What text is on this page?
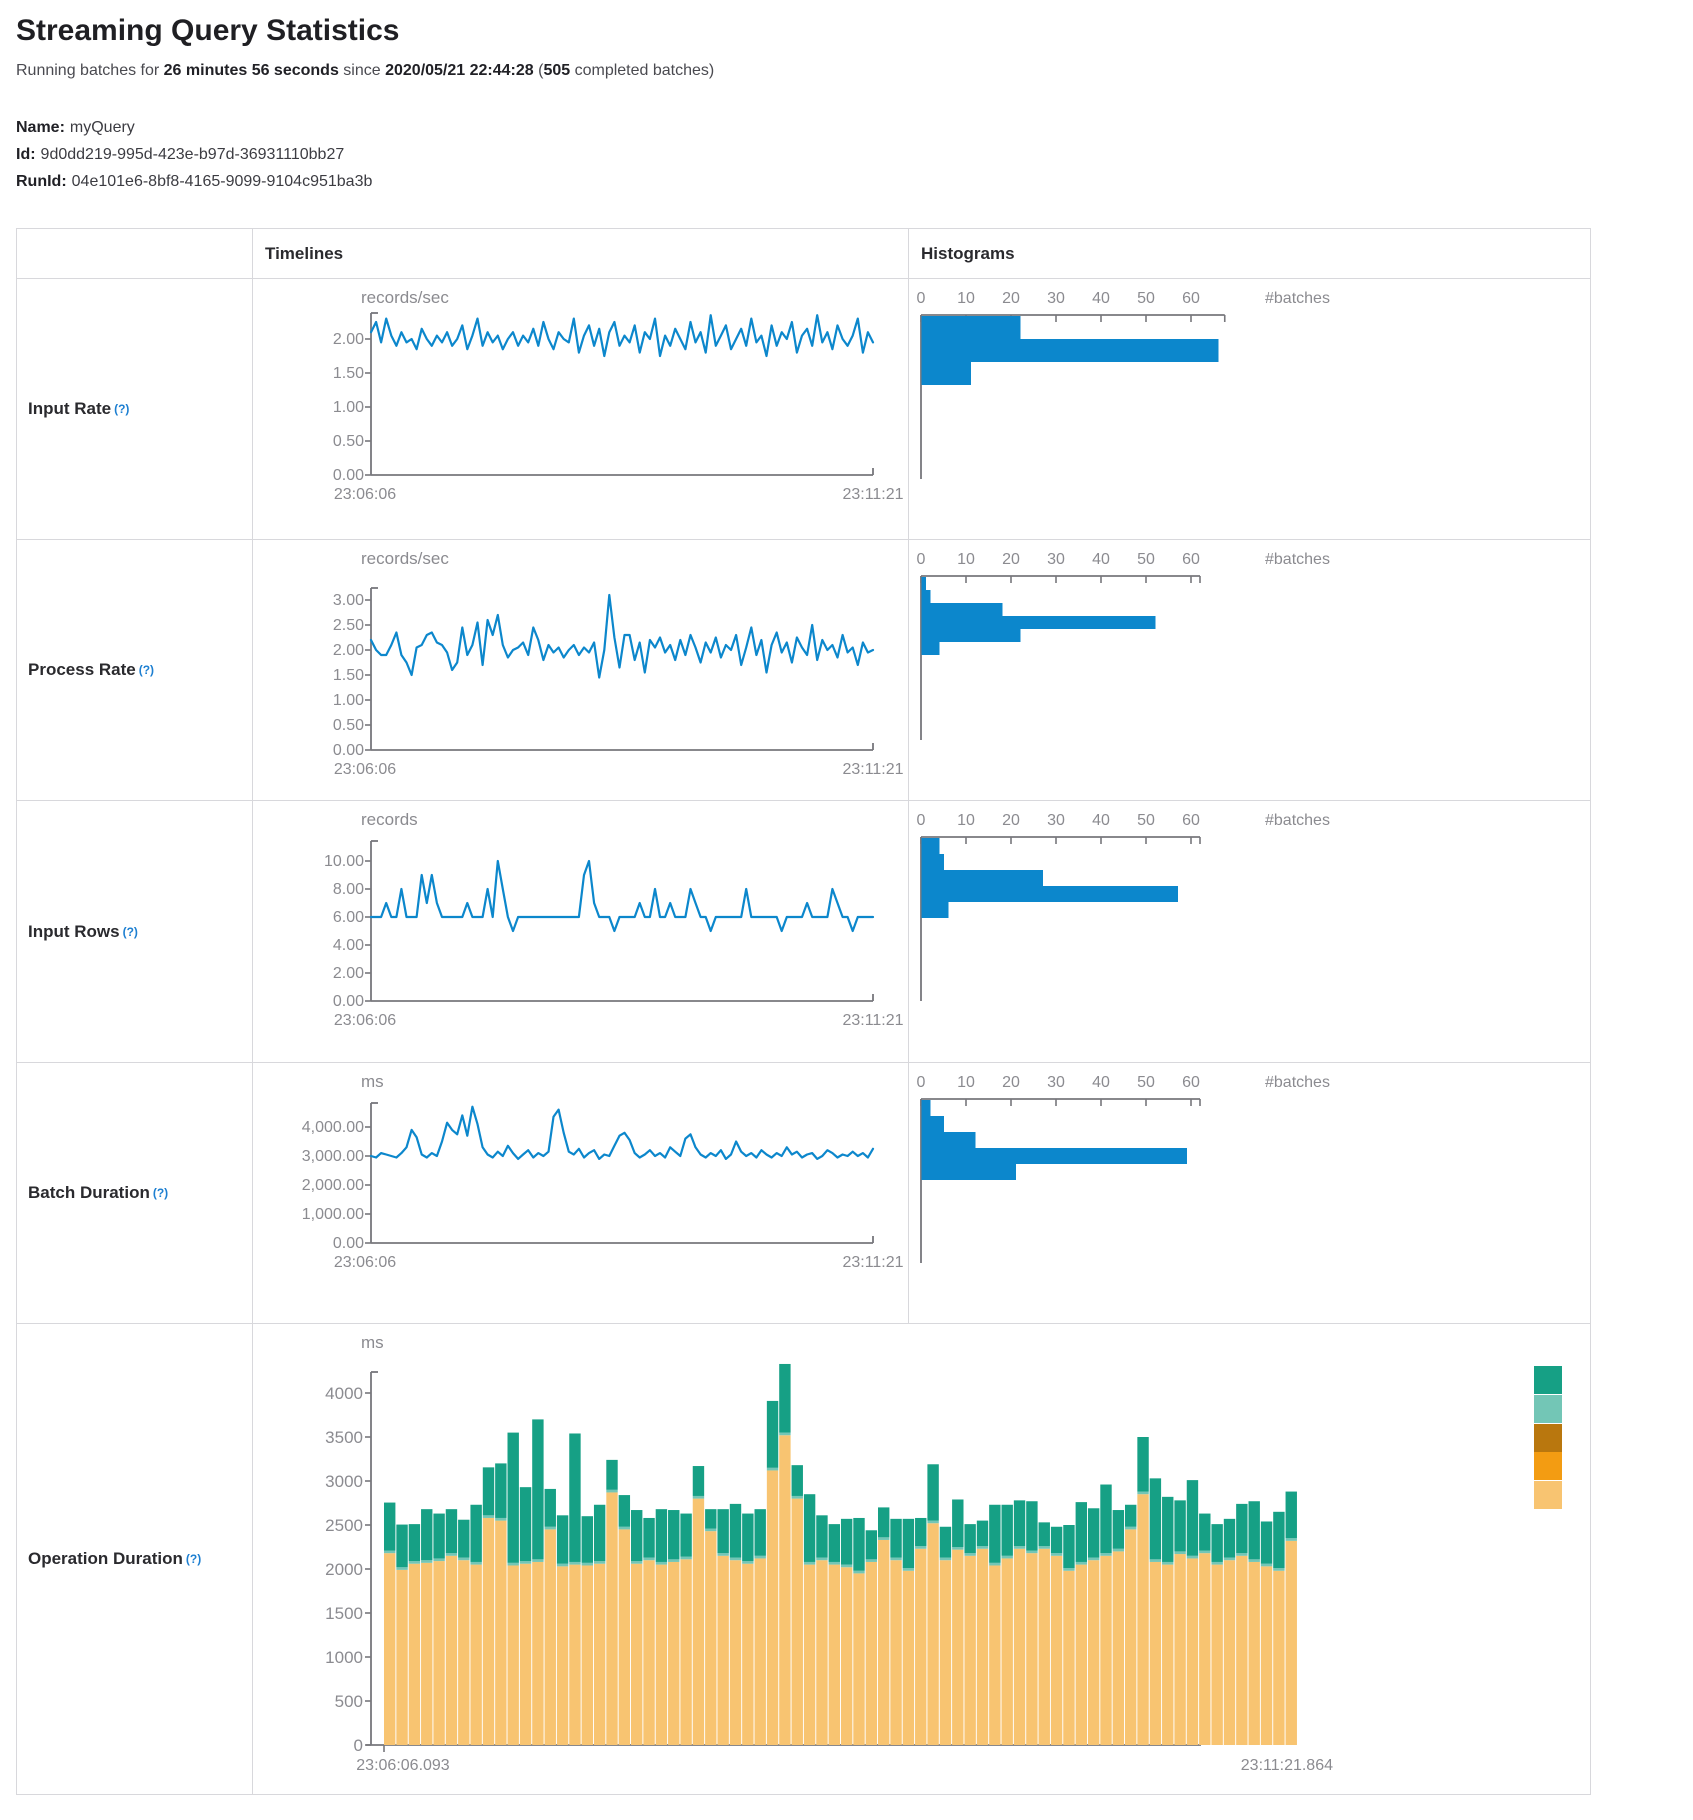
Streaming Query Statistics

Running batches for 26 minutes 56 seconds since 2020/05/21 22:44:28 (505 completed batches)

Name: myQuery
Id: 9d0dd219-995d-423e-b97d-36931110bb27
RunId: 04e101e6-8bf8-4165-9099-9104c951ba3b
Timelines	Histograms
Input Rate (?)
records/sec
2.00
1.50
1.00
0.50
0.00
23:06:06	23:11:21
0 10 20 30 40 50 60	#batches
Process Rate (?)
records/sec
3.00
2.50
2.00
1.50
1.00
0.50
0.00
23:06:06	23:11:21
0 10 20 30 40 50 60	#batches
Input Rows (?)
records
10.00
8.00
6.00
4.00
2.00
0.00
23:06:06	23:11:21
0 10 20 30 40 50 60	#batches
Batch Duration (?)
ms
4,000.00
3,000.00
2,000.00
1,000.00
0.00
23:06:06	23:11:21
0 10 20 30 40 50 60	#batches
Operation Duration (?)
ms
4000
3500
3000
2500
2000
1500
1000
500
0
23:06:06.093	23:11:21.864
